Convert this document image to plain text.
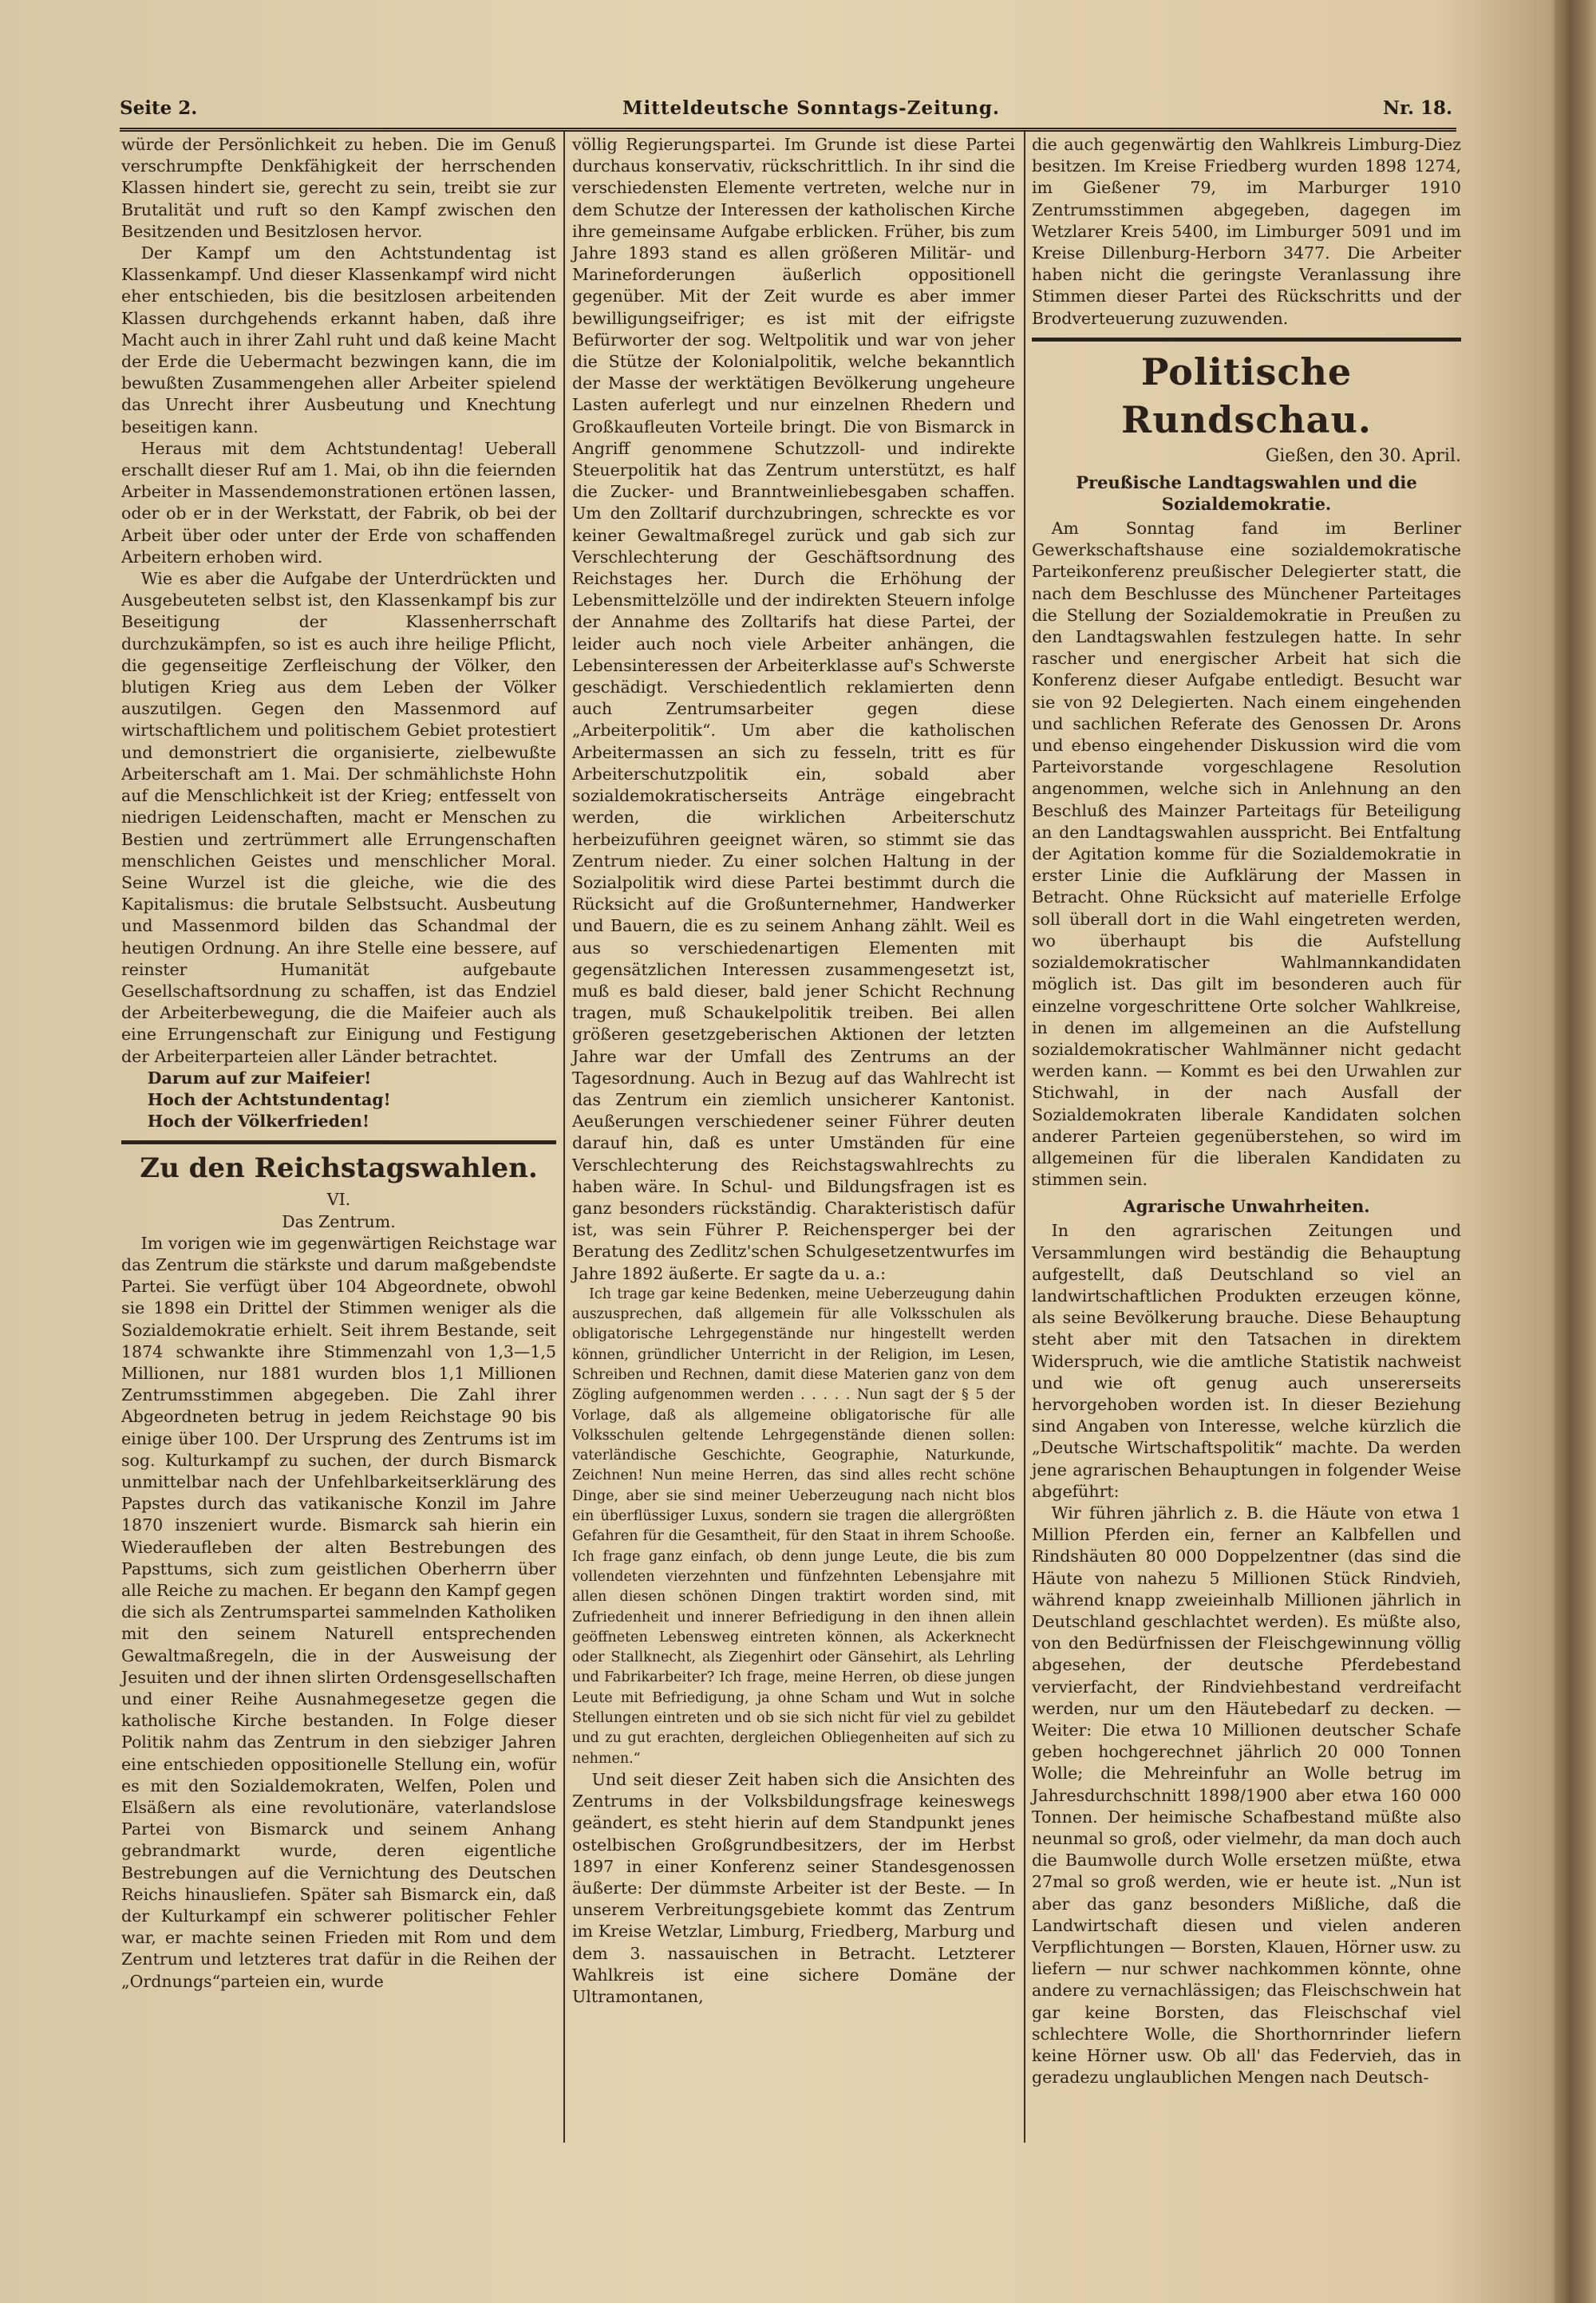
Seite 2.	Mitteldeutsche Sonntags-Zeitung.	Nr. 18.

würde der Persönlichkeit zu heben. Die im Genuß verschrumpfte Denkfähigkeit der herrschenden Klassen hindert sie, gerecht zu sein, treibt sie zur Brutalität und ruft so den Kampf zwischen den Besitzenden und Besitzlosen hervor.

Der Kampf um den Achtstundentag ist Klassenkampf. Und dieser Klassenkampf wird nicht eher entschieden, bis die besitzlosen arbeitenden Klassen durchgehends erkannt haben, daß ihre Macht auch in ihrer Zahl ruht und daß keine Macht der Erde die Uebermacht bezwingen kann, die im bewußten Zusammengehen aller Arbeiter spielend das Unrecht ihrer Ausbeutung und Knechtung beseitigen kann.

Heraus mit dem Achtstundentag! Ueberall erschallt dieser Ruf am 1. Mai, ob ihn die feiernden Arbeiter in Massendemonstrationen ertönen lassen, oder ob er in der Werkstatt, der Fabrik, ob bei der Arbeit über oder unter der Erde von schaffenden Arbeitern erhoben wird.

Wie es aber die Aufgabe der Unterdrückten und Ausgebeuteten selbst ist, den Klassenkampf bis zur Beseitigung der Klassenherrschaft durchzukämpfen, so ist es auch ihre heilige Pflicht, die gegenseitige Zerfleischung der Völker, den blutigen Krieg aus dem Leben der Völker auszutilgen. Gegen den Massenmord auf wirtschaftlichem und politischem Gebiet protestiert und demonstriert die organisierte, zielbewußte Arbeiterschaft am 1. Mai. Der schmählichste Hohn auf die Menschlichkeit ist der Krieg; entfesselt von niedrigen Leidenschaften, macht er Menschen zu Bestien und zertrümmert alle Errungenschaften menschlichen Geistes und menschlicher Moral. Seine Wurzel ist die gleiche, wie die des Kapitalismus: die brutale Selbstsucht. Ausbeutung und Massenmord bilden das Schandmal der heutigen Ordnung. An ihre Stelle eine bessere, auf reinster Humanität aufgebaute Gesellschaftsordnung zu schaffen, ist das Endziel der Arbeiterbewegung, die die Maifeier auch als eine Errungenschaft zur Einigung und Festigung der Arbeiterparteien aller Länder betrachtet.

Darum auf zur Maifeier!

Hoch der Achtstundentag!

Hoch der Völkerfrieden!

Zu den Reichstagswahlen.

VI.

Das Zentrum.

Im vorigen wie im gegenwärtigen Reichstage war das Zentrum die stärkste und darum maßgebendste Partei. Sie verfügt über 104 Abgeordnete, obwohl sie 1898 ein Drittel der Stimmen weniger als die Sozialdemokratie erhielt. Seit ihrem Bestande, seit 1874 schwankte ihre Stimmenzahl von 1,3—1,5 Millionen, nur 1881 wurden blos 1,1 Millionen Zentrumsstimmen abgegeben. Die Zahl ihrer Abgeordneten betrug in jedem Reichstage 90 bis einige über 100. Der Ursprung des Zentrums ist im sog. Kulturkampf zu suchen, der durch Bismarck unmittelbar nach der Unfehlbarkeitserklärung des Papstes durch das vatikanische Konzil im Jahre 1870 inszeniert wurde. Bismarck sah hierin ein Wiederaufleben der alten Bestrebungen des Papsttums, sich zum geistlichen Oberherrn über alle Reiche zu machen. Er begann den Kampf gegen die sich als Zentrumspartei sammelnden Katholiken mit den seinem Naturell entsprechenden Gewaltmaßregeln, die in der Ausweisung der Jesuiten und der ihnen slirten Ordensgesellschaften und einer Reihe Ausnahmegesetze gegen die katholische Kirche bestanden. In Folge dieser Politik nahm das Zentrum in den siebziger Jahren eine entschieden oppositionelle Stellung ein, wofür es mit den Sozialdemokraten, Welfen, Polen und Elsäßern als eine revolutionäre, vaterlandslose Partei von Bismarck und seinem Anhang gebrandmarkt wurde, deren eigentliche Bestrebungen auf die Vernichtung des Deutschen Reichs hinausliefen. Später sah Bismarck ein, daß der Kulturkampf ein schwerer politischer Fehler war, er machte seinen Frieden mit Rom und dem Zentrum und letzteres trat dafür in die Reihen der „Ordnungs“parteien ein, wurde

völlig Regierungspartei. Im Grunde ist diese Partei durchaus konservativ, rückschrittlich. In ihr sind die verschiedensten Elemente vertreten, welche nur in dem Schutze der Interessen der katholischen Kirche ihre gemeinsame Aufgabe erblicken. Früher, bis zum Jahre 1893 stand es allen größeren Militär- und Marineforderungen äußerlich oppositionell gegenüber. Mit der Zeit wurde es aber immer bewilligungseifriger; es ist mit der eifrigste Befürworter der sog. Weltpolitik und war von jeher die Stütze der Kolonialpolitik, welche bekanntlich der Masse der werktätigen Bevölkerung ungeheure Lasten auferlegt und nur einzelnen Rhedern und Großkaufleuten Vorteile bringt. Die von Bismarck in Angriff genommene Schutzzoll- und indirekte Steuerpolitik hat das Zentrum unterstützt, es half die Zucker- und Branntweinliebesgaben schaffen. Um den Zolltarif durchzubringen, schreckte es vor keiner Gewaltmaßregel zurück und gab sich zur Verschlechterung der Geschäftsordnung des Reichstages her. Durch die Erhöhung der Lebensmittelzölle und der indirekten Steuern infolge der Annahme des Zolltarifs hat diese Partei, der leider auch noch viele Arbeiter anhängen, die Lebensinteressen der Arbeiterklasse auf's Schwerste geschädigt. Verschiedentlich reklamierten denn auch Zentrumsarbeiter gegen diese „Arbeiterpolitik“. Um aber die katholischen Arbeitermassen an sich zu fesseln, tritt es für Arbeiterschutzpolitik ein, sobald aber sozialdemokratischerseits Anträge eingebracht werden, die wirklichen Arbeiterschutz herbeizuführen geeignet wären, so stimmt sie das Zentrum nieder. Zu einer solchen Haltung in der Sozialpolitik wird diese Partei bestimmt durch die Rücksicht auf die Großunternehmer, Handwerker und Bauern, die es zu seinem Anhang zählt. Weil es aus so verschiedenartigen Elementen mit gegensätzlichen Interessen zusammengesetzt ist, muß es bald dieser, bald jener Schicht Rechnung tragen, muß Schaukelpolitik treiben. Bei allen größeren gesetzgeberischen Aktionen der letzten Jahre war der Umfall des Zentrums an der Tagesordnung. Auch in Bezug auf das Wahlrecht ist das Zentrum ein ziemlich unsicherer Kantonist. Aeußerungen verschiedener seiner Führer deuten darauf hin, daß es unter Umständen für eine Verschlechterung des Reichstagswahlrechts zu haben wäre. In Schul- und Bildungsfragen ist es ganz besonders rückständig. Charakteristisch dafür ist, was sein Führer P. Reichensperger bei der Beratung des Zedlitz'schen Schulgesetzentwurfes im Jahre 1892 äußerte. Er sagte da u. a.:

Ich trage gar keine Bedenken, meine Ueberzeugung dahin auszusprechen, daß allgemein für alle Volksschulen als obligatorische Lehrgegenstände nur hingestellt werden können, gründlicher Unterricht in der Religion, im Lesen, Schreiben und Rechnen, damit diese Materien ganz von dem Zögling aufgenommen werden . . . . . Nun sagt der § 5 der Vorlage, daß als allgemeine obligatorische für alle Volksschulen geltende Lehrgegenstände dienen sollen: vaterländische Geschichte, Geographie, Naturkunde, Zeichnen! Nun meine Herren, das sind alles recht schöne Dinge, aber sie sind meiner Ueberzeugung nach nicht blos ein überflüssiger Luxus, sondern sie tragen die allergrößten Gefahren für die Gesamtheit, für den Staat in ihrem Schooße. Ich frage ganz einfach, ob denn junge Leute, die bis zum vollendeten vierzehnten und fünfzehnten Lebensjahre mit allen diesen schönen Dingen traktirt worden sind, mit Zufriedenheit und innerer Befriedigung in den ihnen allein geöffneten Lebensweg eintreten können, als Ackerknecht oder Stallknecht, als Ziegenhirt oder Gänsehirt, als Lehrling und Fabrikarbeiter? Ich frage, meine Herren, ob diese jungen Leute mit Befriedigung, ja ohne Scham und Wut in solche Stellungen eintreten und ob sie sich nicht für viel zu gebildet und zu gut erachten, dergleichen Obliegenheiten auf sich zu nehmen.“

Und seit dieser Zeit haben sich die Ansichten des Zentrums in der Volksbildungsfrage keineswegs geändert, es steht hierin auf dem Standpunkt jenes ostelbischen Großgrundbesitzers, der im Herbst 1897 in einer Konferenz seiner Standesgenossen äußerte: Der dümmste Arbeiter ist der Beste. — In unserem Verbreitungsgebiete kommt das Zentrum im Kreise Wetzlar, Limburg, Friedberg, Marburg und dem 3. nassauischen in Betracht. Letzterer Wahlkreis ist eine sichere Domäne der Ultramontanen,

die auch gegenwärtig den Wahlkreis Limburg-Diez besitzen. Im Kreise Friedberg wurden 1898 1274, im Gießener 79, im Marburger 1910 Zentrumsstimmen abgegeben, dagegen im Wetzlarer Kreis 5400, im Limburger 5091 und im Kreise Dillenburg-Herborn 3477. Die Arbeiter haben nicht die geringste Veranlassung ihre Stimmen dieser Partei des Rückschritts und der Brodverteuerung zuzuwenden.

Politische Rundschau.
Gießen, den 30. April.
Preußische Landtagswahlen und die Sozialdemokratie.

Am Sonntag fand im Berliner Gewerkschaftshause eine sozialdemokratische Parteikonferenz preußischer Delegierter statt, die nach dem Beschlusse des Münchener Parteitages die Stellung der Sozialdemokratie in Preußen zu den Landtagswahlen festzulegen hatte. In sehr rascher und energischer Arbeit hat sich die Konferenz dieser Aufgabe entledigt. Besucht war sie von 92 Delegierten. Nach einem eingehenden und sachlichen Referate des Genossen Dr. Arons und ebenso eingehender Diskussion wird die vom Parteivorstande vorgeschlagene Resolution angenommen, welche sich in Anlehnung an den Beschluß des Mainzer Parteitags für Beteiligung an den Landtagswahlen ausspricht. Bei Entfaltung der Agitation komme für die Sozialdemokratie in erster Linie die Aufklärung der Massen in Betracht. Ohne Rücksicht auf materielle Erfolge soll überall dort in die Wahl eingetreten werden, wo überhaupt bis die Aufstellung sozialdemokratischer Wahlmannkandidaten möglich ist. Das gilt im besonderen auch für einzelne vorgeschrittene Orte solcher Wahlkreise, in denen im allgemeinen an die Aufstellung sozialdemokratischer Wahlmänner nicht gedacht werden kann. — Kommt es bei den Urwahlen zur Stichwahl, in der nach Ausfall der Sozialdemokraten liberale Kandidaten solchen anderer Parteien gegenüberstehen, so wird im allgemeinen für die liberalen Kandidaten zu stimmen sein.

Agrarische Unwahrheiten.

In den agrarischen Zeitungen und Versammlungen wird beständig die Behauptung aufgestellt, daß Deutschland so viel an landwirtschaftlichen Produkten erzeugen könne, als seine Bevölkerung brauche. Diese Behauptung steht aber mit den Tatsachen in direktem Widerspruch, wie die amtliche Statistik nachweist und wie oft genug auch unsererseits hervorgehoben worden ist. In dieser Beziehung sind Angaben von Interesse, welche kürzlich die „Deutsche Wirtschaftspolitik“ machte. Da werden jene agrarischen Behauptungen in folgender Weise abgeführt:

Wir führen jährlich z. B. die Häute von etwa 1 Million Pferden ein, ferner an Kalbfellen und Rindshäuten 80 000 Doppelzentner (das sind die Häute von nahezu 5 Millionen Stück Rindvieh, während knapp zweieinhalb Millionen jährlich in Deutschland geschlachtet werden). Es müßte also, von den Bedürfnissen der Fleischgewinnung völlig abgesehen, der deutsche Pferdebestand vervierfacht, der Rindviehbestand verdreifacht werden, nur um den Häutebedarf zu decken. — Weiter: Die etwa 10 Millionen deutscher Schafe geben hochgerechnet jährlich 20 000 Tonnen Wolle; die Mehreinfuhr an Wolle betrug im Jahresdurchschnitt 1898/1900 aber etwa 160 000 Tonnen. Der heimische Schafbestand müßte also neunmal so groß, oder vielmehr, da man doch auch die Baumwolle durch Wolle ersetzen müßte, etwa 27mal so groß werden, wie er heute ist. „Nun ist aber das ganz besonders Mißliche, daß die Landwirtschaft diesen und vielen anderen Verpflichtungen — Borsten, Klauen, Hörner usw. zu liefern — nur schwer nachkommen könnte, ohne andere zu vernachlässigen; das Fleischschwein hat gar keine Borsten, das Fleischschaf viel schlechtere Wolle, die Shorthornrinder liefern keine Hörner usw. Ob all' das Federvieh, das in geradezu unglaublichen Mengen nach Deutsch-
